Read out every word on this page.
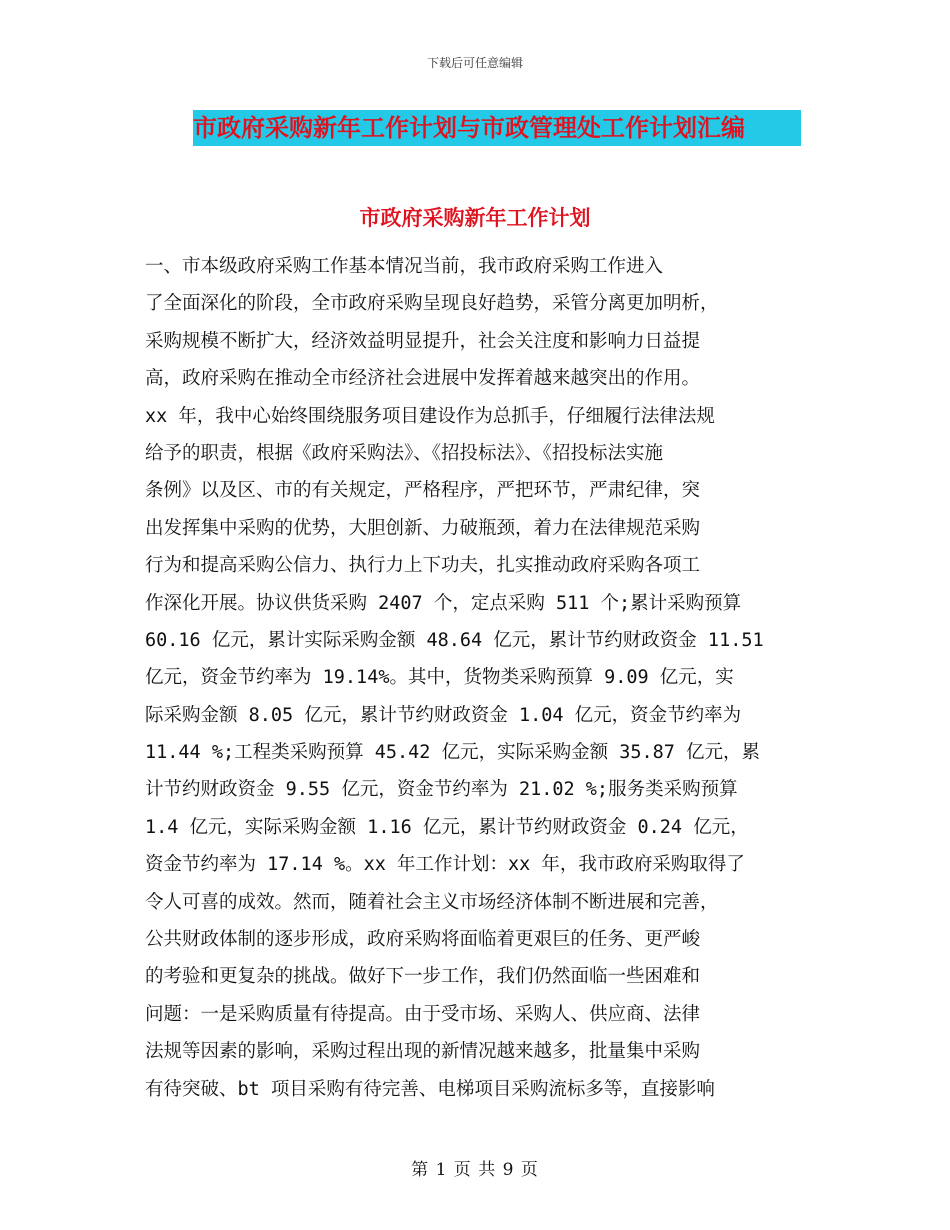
下载后可任意编辑
市政府采购新年工作计划与市政管理处工作计划汇编
市政府采购新年工作计划
一、市本级政府采购工作基本情况当前，我市政府采购工作进入
了全面深化的阶段，全市政府采购呈现良好趋势，采管分离更加明析，
采购规模不断扩大，经济效益明显提升，社会关注度和影响力日益提
高，政府采购在推动全市经济社会进展中发挥着越来越突出的作用。
xx 年，我中心始终围绕服务项目建设作为总抓手，仔细履行法律法规
给予的职责，根据《政府采购法》、《招投标法》、《招投标法实施
条例》以及区、市的有关规定，严格程序，严把环节，严肃纪律，突
出发挥集中采购的优势，大胆创新、力破瓶颈，着力在法律规范采购
行为和提高采购公信力、执行力上下功夫，扎实推动政府采购各项工
作深化开展。协议供货采购 2407 个，定点采购 511 个;累计采购预算
60.16 亿元，累计实际采购金额 48.64 亿元，累计节约财政资金 11.51
亿元，资金节约率为 19.14%。其中，货物类采购预算 9.09 亿元，实
际采购金额 8.05 亿元，累计节约财政资金 1.04 亿元，资金节约率为
11.44 %;工程类采购预算 45.42 亿元，实际采购金额 35.87 亿元，累
计节约财政资金 9.55 亿元，资金节约率为 21.02 %;服务类采购预算
1.4 亿元，实际采购金额 1.16 亿元，累计节约财政资金 0.24 亿元，
资金节约率为 17.14 %。xx 年工作计划：xx 年，我市政府采购取得了
令人可喜的成效。然而，随着社会主义市场经济体制不断进展和完善，
公共财政体制的逐步形成，政府采购将面临着更艰巨的任务、更严峻
的考验和更复杂的挑战。做好下一步工作，我们仍然面临一些困难和
问题：一是采购质量有待提高。由于受市场、采购人、供应商、法律
法规等因素的影响，采购过程出现的新情况越来越多，批量集中采购
有待突破、bt 项目采购有待完善、电梯项目采购流标多等，直接影响
第 1 页 共 9 页
